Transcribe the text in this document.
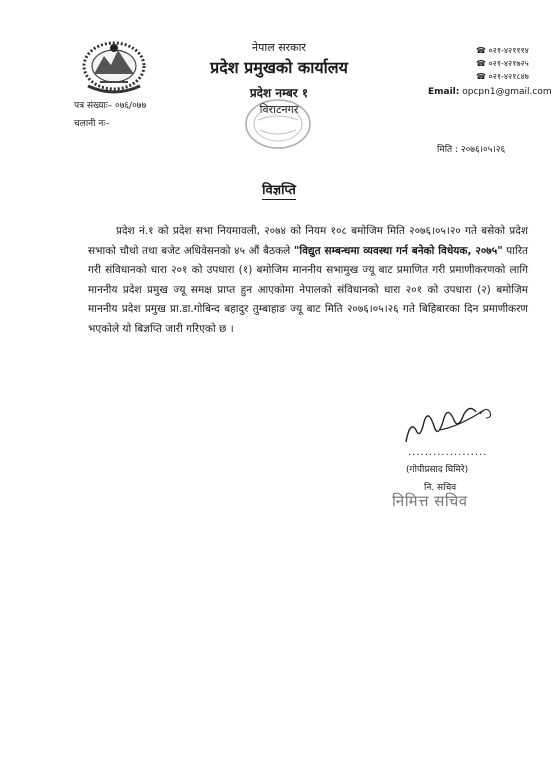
नेपाल सरकार
प्रदेश प्रमुखको कार्यालय
प्रदेश नम्बर १
विराटनगर
☎ ०२१-४२१११४
☎ ०२१-४२१७२५
☎ ०२१-४२१८४७
Email: opcpn1@gmail.com
पत्र संख्याः– ०७६/०७७
चलानी नः–
मिति : २०७६।०५।२६
विज्ञप्ति

प्रदेश नं.१ को प्रदेश सभा नियमावली, २०७४ को नियम १०८ बमोजिम मिति २०७६।०५।२० गते बसेको प्रदेश सभाको चौथो तथा बजेट अधिवेसनको ४५ औं बैठकले "विद्युत सम्बन्धमा व्यवस्था गर्न बनेको विधेयक, २०७५" पारित गरी संविधानको धारा २०१ को उपधारा (१) बमोजिम माननीय सभामुख ज्यू बाट प्रमाणित गरी प्रमाणीकरणको लागि माननीय प्रदेश प्रमुख ज्यू समक्ष प्राप्त हुन आएकोमा नेपालको संविधानको धारा २०१ को उपधारा (२) बमोजिम माननीय प्रदेश प्रमुख प्रा.डा.गोबिन्द बहादुर तुम्बाहाङ ज्यू बाट मिति २०७६।०५।२६ गते बिहिबारका दिन प्रमाणीकरण भएकोले यो बिज्ञप्ति जारी गरिएको छ ।

...................
(गोपीप्रसाद घिमिरे)
नि. सचिव
निमित्त सचिव
